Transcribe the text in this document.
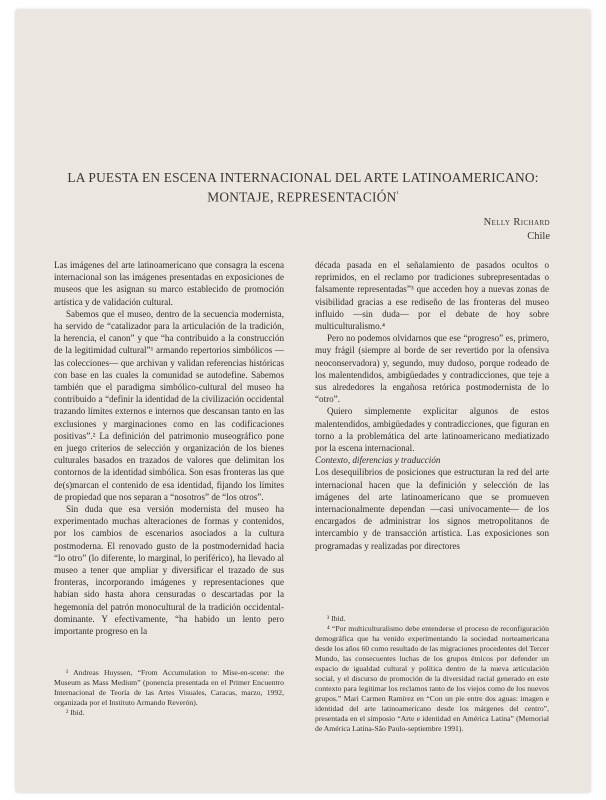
LA PUESTA EN ESCENA INTERNACIONAL DEL ARTE LATINOAMERICANO:
MONTAJE, REPRESENTACIÓN$^{^1}$
Nelly Richard
Chile

Las imágenes del arte latinoamericano que consagra la escena internacional son las imágenes presentadas en exposiciones de museos que les asignan su marco establecido de promoción artística y de validación cultural.

Sabemos que el museo, dentro de la secuencia modernista, ha servido de “catalizador para la articulación de la tradición, la herencia, el canon” y que “ha contribuido a la construcción de la legitimidad cultural”¹ armando repertorios simbólicos —las colecciones— que archivan y validan referencias históricas con base en las cuales la comunidad se autodefine. Sabemos también que el paradigma simbólico-cultural del museo ha contribuido a “definir la identidad de la civilización occidental trazando límites externos e internos que descansan tanto en las exclusiones y marginaciones como en las codificaciones positivas”.² La definición del patrimonio museográfico pone en juego criterios de selección y organización de los bienes culturales basados en trazados de valores que delimitan los contornos de la identidad simbólica. Son esas fronteras las que de(s)marcan el contenido de esa identidad, fijando los límites de propiedad que nos separan a “nosotros” de “los otros”.

Sin duda que esa versión modernista del museo ha experimentado muchas alteraciones de formas y contenidos, por los cambios de escenarios asociados a la cultura postmoderna. El renovado gusto de la postmodernidad hacia “lo otro” (lo diferente, lo marginal, lo periférico), ha llevado al museo a tener que ampliar y diversificar el trazado de sus fronteras, incorporando imágenes y representaciones que habían sido hasta ahora censuradas o descartadas por la hegemonía del patrón monocultural de la tradición occidental-dominante. Y efectivamente, “ha habido un lento pero importante progreso en la

¹ Andreas Huyssen, “From Accumulation to Mise-en-scene: the Museum as Mass Medium” (ponencia presentada en el Primer Encuentro Internacional de Teoría de las Artes Visuales, Caracas, marzo, 1992, organizada por el Instituto Armando Reverón).
² Ibid.

década pasada en el señalamiento de pasados ocultos o reprimidos, en el reclamo por tradiciones subrepresentadas o falsamente representadas”³ que acceden hoy a nuevas zonas de visibilidad gracias a ese rediseño de las fronteras del museo influido —sin duda— por el debate de hoy sobre multiculturalismo.⁴

Pero no podemos olvidarnos que ese “progreso” es, primero, muy frágil (siempre al borde de ser revertido por la ofensiva neoconservadora) y, segundo, muy dudoso, porque rodeado de los malentendidos, ambigüedades y contradicciones, que teje a sus alrededores la engañosa retórica postmodernista de lo “otro”.

Quiero simplemente explicitar algunos de estos malentendidos, ambigüedades y contradicciones, que figuran en torno a la problemática del arte latinoamericano mediatizado por la escena internacional.

Contexto, diferencias y traducción

Los desequilibrios de posiciones que estructuran la red del arte internacional hacen que la definición y selección de las imágenes del arte latinoamericano que se promueven internacionalmente dependan —casi unívocamente— de los encargados de administrar los signos metropolitanos de intercambio y de transacción artística. Las exposiciones son programadas y realizadas por directores

³ Ibid.
⁴ “Por multiculturalismo debe entenderse el proceso de reconfiguración demográfica que ha venido experimentando la sociedad norteamericana desde los años 60 como resultado de las migraciones procedentes del Tercer Mundo, las consecuentes luchas de los grupos étnicos por defender un espacio de igualdad cultural y política dentro de la nueva articulación social, y el discurso de promoción de la diversidad racial generado en este contexto para legitimar los reclamos tanto de los viejos como de los nuevos grupos.” Mari Carmen Ramírez en “Con un pie entre dos aguas: imagen e identidad del arte latinoamericano desde los márgenes del centro”, presentada en el simposio “Arte e identidad en América Latina” (Memorial de América Latina-São Paulo-septiembre 1991).
